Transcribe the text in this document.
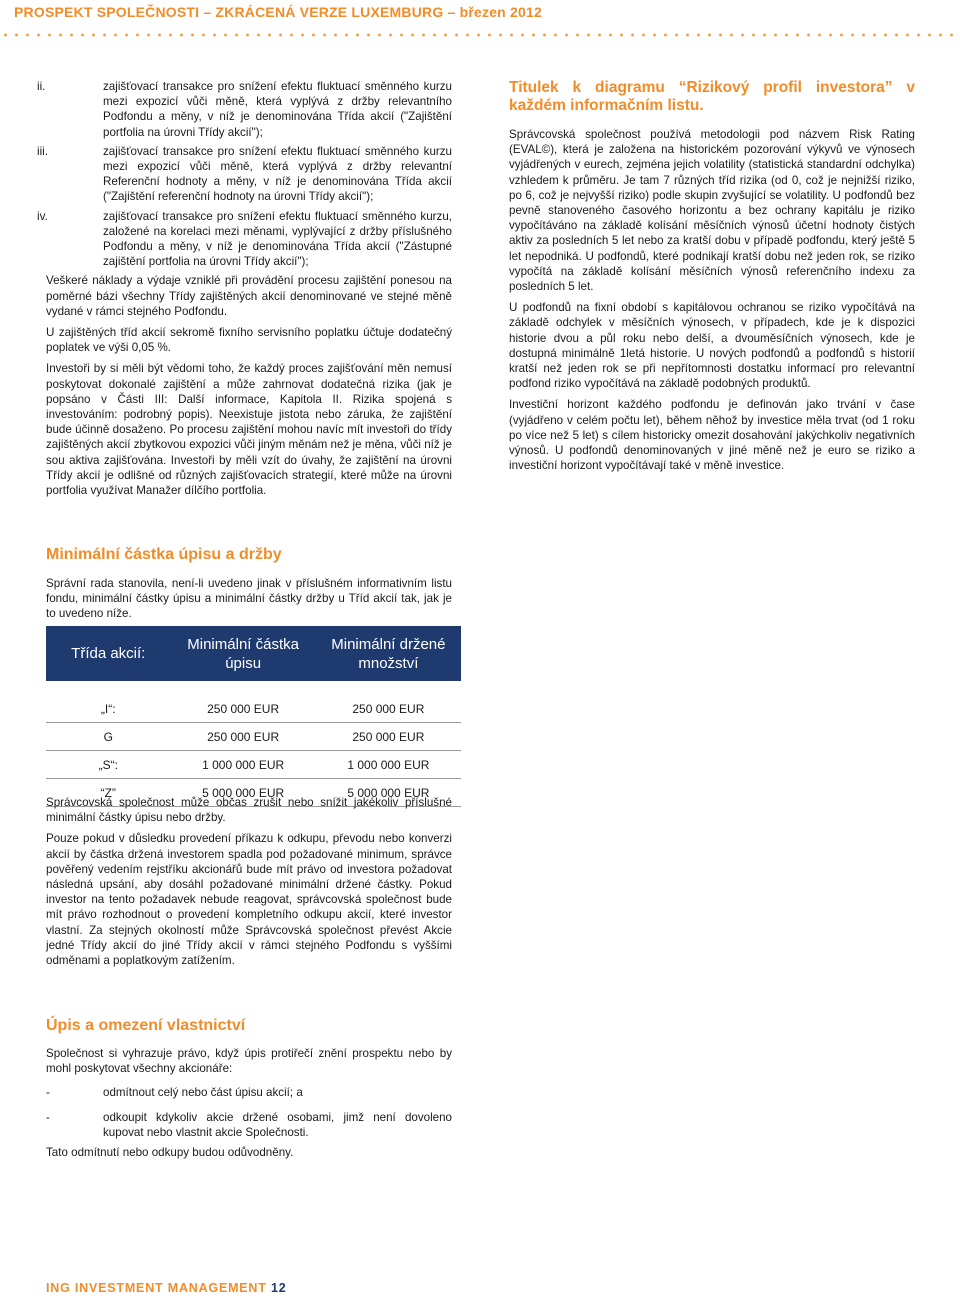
PROSPEKT SPOLEČNOSTI – ZKRÁCENÁ VERZE LUXEMBURG – březen 2012
ii.	zajišťovací transakce pro snížení efektu fluktuací směnného kurzu mezi expozicí vůči měně, která vyplývá z držby relevantního Podfondu a měny, v níž je denominována Třída akcií ("Zajištění portfolia na úrovni Třídy akcií");
iii.	zajišťovací transakce pro snížení efektu fluktuací směnného kurzu mezi expozicí vůči měně, která vyplývá z držby relevantní Referenční hodnoty a měny, v níž je denominována Třída akcií ("Zajištění referenční hodnoty na úrovni Třídy akcií");
iv.	zajišťovací transakce pro snížení efektu fluktuací směnného kurzu, založené na korelaci mezi měnami, vyplývající z držby příslušného Podfondu a měny, v níž je denominována Třída akcií ("Zástupné zajištění portfolia na úrovni Třídy akcií");

Veškeré náklady a výdaje vzniklé při provádění procesu zajištění ponesou na poměrné bázi všechny Třídy zajištěných akcií denominované ve stejné měně vydané v rámci stejného Podfondu.

U zajištěných tříd akcií sekromě fixního servisního poplatku účtuje dodatečný poplatek ve výši 0,05 %.

Investoři by si měli být vědomi toho, že každý proces zajišťování měn nemusí poskytovat dokonalé zajištění a může zahrnovat dodatečná rizika (jak je popsáno v Části III: Další informace, Kapitola II. Rizika spojená s investováním: podrobný popis). Neexistuje jistota nebo záruka, že zajištění bude účinně dosaženo. Po procesu zajištění mohou navíc mít investoři do třídy zajištěných akcií zbytkovou expozici vůči jiným měnám než je měna, vůči níž je sou aktiva zajišťována. Investoři by měli vzít do úvahy, že zajištění na úrovni Třídy akcií je odlišné od různých zajišťovacích strategií, které může na úrovni portfolia využívat Manažer dílčího portfolia.

Minimální částka úpisu a držby

Správní rada stanovila, není-li uvedeno jinak v příslušném informativním listu fondu, minimální částky úpisu a minimální částky držby u Tříd akcií tak, jak je to uvedeno níže.

Třída akcií:	Minimální částka úpisu	Minimální držené množství

„I“:	250 000 EUR	250 000 EUR
G	250 000 EUR	250 000 EUR
„S“:	1 000 000 EUR	1 000 000 EUR
“Z”	5 000 000 EUR	5 000 000 EUR

Správcovská společnost může občas zrušit nebo snížit jakékoliv příslušné minimální částky úpisu nebo držby.

Pouze pokud v důsledku provedení příkazu k odkupu, převodu nebo konverzi akcií by částka držená investorem spadla pod požadované minimum, správce pověřený vedením rejstříku akcionářů bude mít právo od investora požadovat následná upsání, aby dosáhl požadované minimální držené částky. Pokud investor na tento požadavek nebude reagovat, správcovská společnost bude mít právo rozhodnout o provedení kompletního odkupu akcií, které investor vlastní. Za stejných okolností může Správcovská společnost převést Akcie jedné Třídy akcií do jiné Třídy akcií v rámci stejného Podfondu s vyššími odměnami a poplatkovým zatížením.

Úpis a omezení vlastnictví

Společnost si vyhrazuje právo, když úpis protiřečí znění prospektu nebo by mohl poskytovat všechny akcionáře:

-	odmítnout celý nebo část úpisu akcií; a
-	odkoupit kdykoliv akcie držené osobami, jimž není dovoleno kupovat nebo vlastnit akcie Společnosti.

Tato odmítnutí nebo odkupy budou odůvodněny.

Titulek k diagramu “Rizikový profil investora” v každém informačním listu.

Správcovská společnost používá metodologii pod názvem Risk Rating (EVAL©), která je založena na historickém pozorování výkyvů ve výnosech vyjádřených v eurech, zejména jejich volatility (statistická standardní odchylka) vzhledem k průměru. Je tam 7 různých tříd rizika (od 0, což je nejnižší riziko, po 6, což je nejvyšší riziko) podle skupin zvyšující se volatility. U podfondů bez pevně stanoveného časového horizontu a bez ochrany kapitálu je riziko vypočítáváno na základě kolísání měsíčních výnosů účetní hodnoty čistých aktiv za posledních 5 let nebo za kratší dobu v případě podfondu, který ještě 5 let nepodniká. U podfondů, které podnikají kratší dobu než jeden rok, se riziko vypočítá na základě kolísání měsíčních výnosů referenčního indexu za posledních 5 let.

U podfondů na fixní období s kapitálovou ochranou se riziko vypočítává na základě odchylek v měsíčních výnosech, v případech, kde je k dispozici historie dvou a půl roku nebo delší, a dvouměsíčních výnosech, kde je dostupná minimálně 1letá historie. U nových podfondů a podfondů s historií kratší než jeden rok se při nepřítomnosti dostatku informací pro relevantní podfond riziko vypočítává na základě podobných produktů.

Investiční horizont každého podfondu je definován jako trvání v čase (vyjádřeno v celém počtu let), během něhož by investice měla trvat (od 1 roku po více než 5 let) s cílem historicky omezit dosahování jakýchkoliv negativních výnosů. U podfondů denominovaných v jiné měně než je euro se riziko a investiční horizont vypočítávají také v měně investice.

ING INVESTMENT MANAGEMENT 12
